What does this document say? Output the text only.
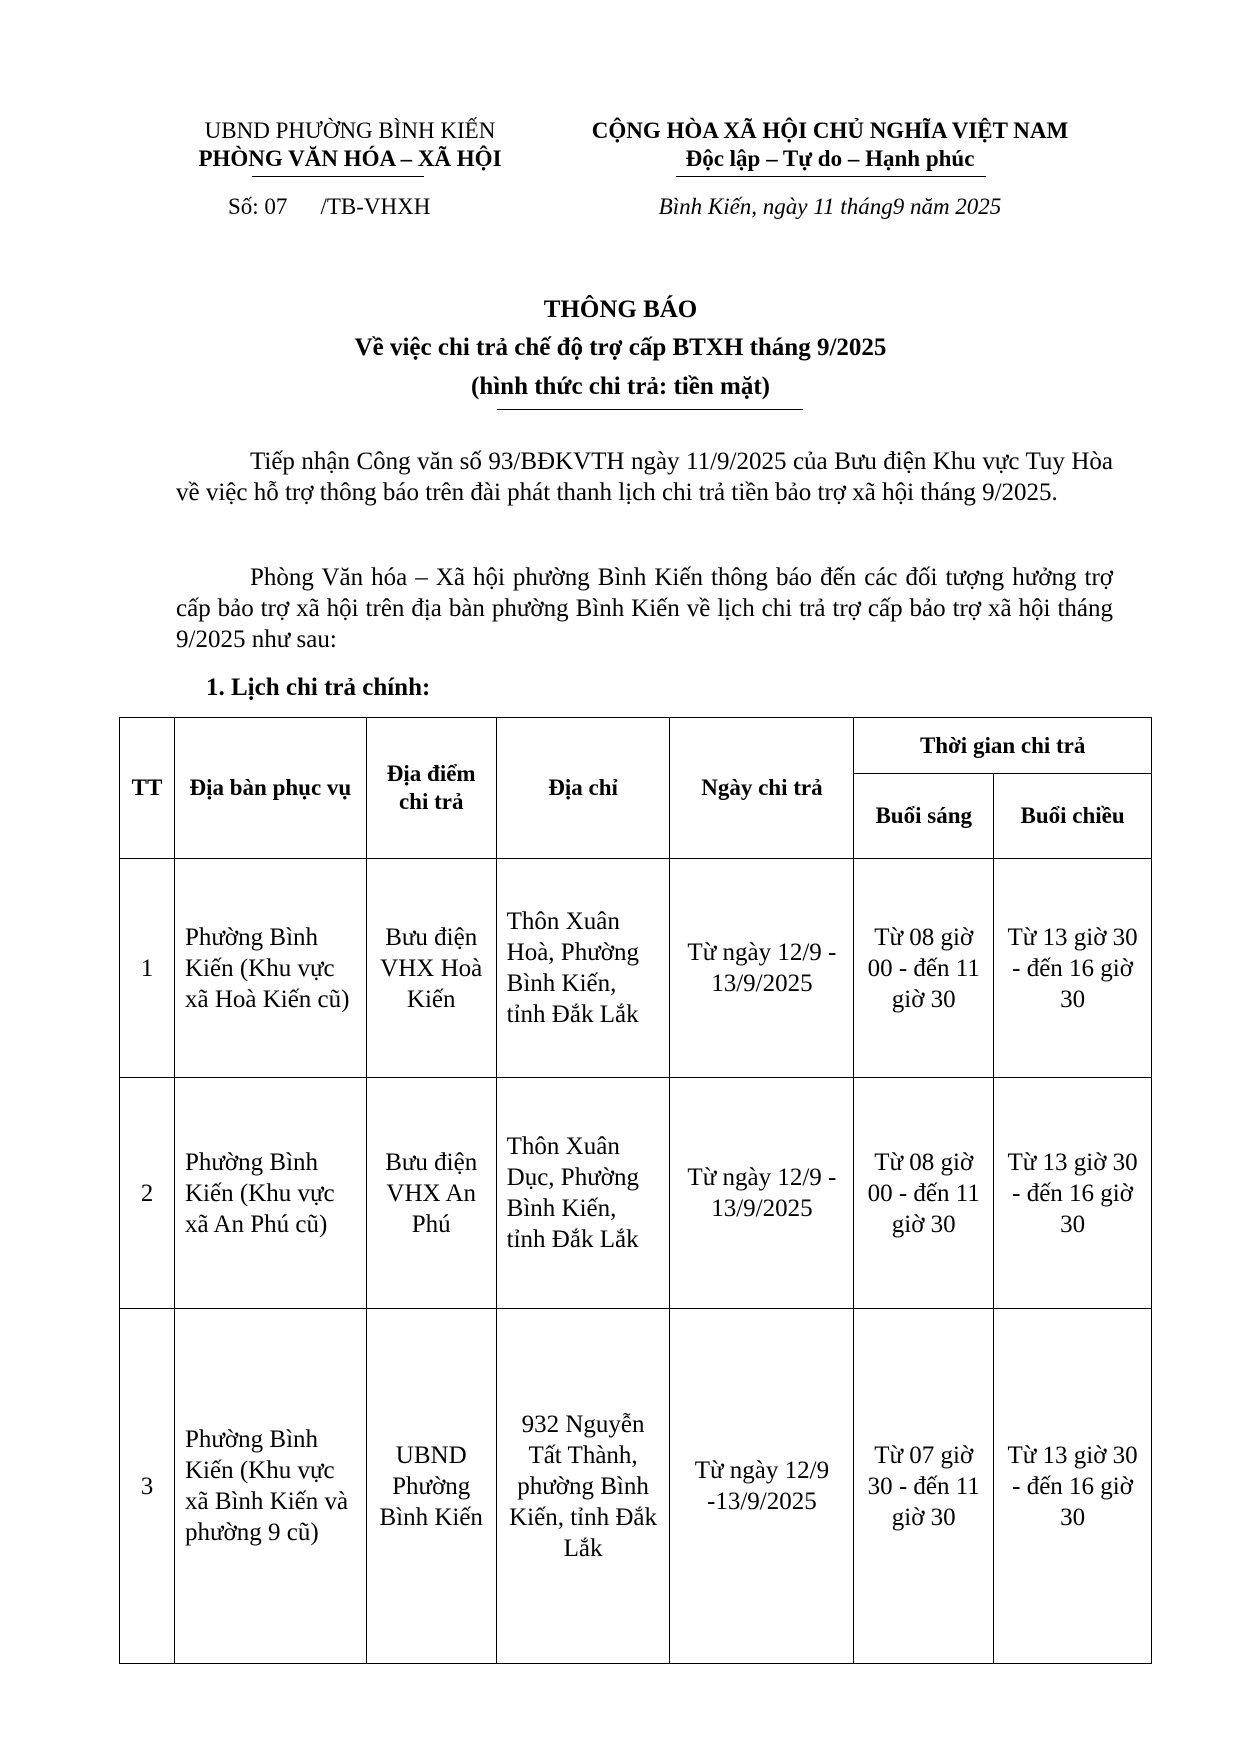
UBND PHƯỜNG BÌNH KIẾN
PHÒNG VĂN HÓA – XÃ HỘI
Số: 07 /TB-VHXH
CỘNG HÒA XÃ HỘI CHỦ NGHĨA VIỆT NAM
Độc lập – Tự do – Hạnh phúc
Bình Kiến, ngày 11 tháng9 năm 2025
THÔNG BÁO
Về việc chi trả chế độ trợ cấp BTXH tháng 9/2025
(hình thức chi trả: tiền mặt)
Tiếp nhận Công văn số 93/BĐKVTH ngày 11/9/2025 của Bưu điện Khu vực Tuy Hòa về việc hỗ trợ thông báo trên đài phát thanh lịch chi trả tiền bảo trợ xã hội tháng 9/2025.
Phòng Văn hóa – Xã hội phường Bình Kiến thông báo đến các đối tượng hưởng trợ cấp bảo trợ xã hội trên địa bàn phường Bình Kiến về lịch chi trả trợ cấp bảo trợ xã hội tháng 9/2025 như sau:
1. Lịch chi trả chính:
TT	Địa bàn phục vụ	Địa điểm chi trả	Địa chỉ	Ngày chi trả	Thời gian chi trả	
					Buổi sáng	Buổi chiều
1	Phường Bình Kiến (Khu vực xã Hoà Kiến cũ)	Bưu điện VHX Hoà Kiến	Thôn Xuân Hoà, Phường Bình Kiến, tỉnh Đắk Lắk	Từ ngày 12/9 - 13/9/2025	Từ 08 giờ 00 - đến 11 giờ 30	Từ 13 giờ 30 - đến 16 giờ 30
2	Phường Bình Kiến (Khu vực xã An Phú cũ)	Bưu điện VHX An Phú	Thôn Xuân Dục, Phường Bình Kiến, tỉnh Đắk Lắk	Từ ngày 12/9 - 13/9/2025	Từ 08 giờ 00 - đến 11 giờ 30	Từ 13 giờ 30 - đến 16 giờ 30
3	Phường Bình Kiến (Khu vực xã Bình Kiến và phường 9 cũ)	UBND Phường Bình Kiến	932 Nguyễn Tất Thành, phường Bình Kiến, tỉnh Đắk Lắk	Từ ngày 12/9 -13/9/2025	Từ 07 giờ 30 - đến 11 giờ 30	Từ 13 giờ 30 - đến 16 giờ 30
